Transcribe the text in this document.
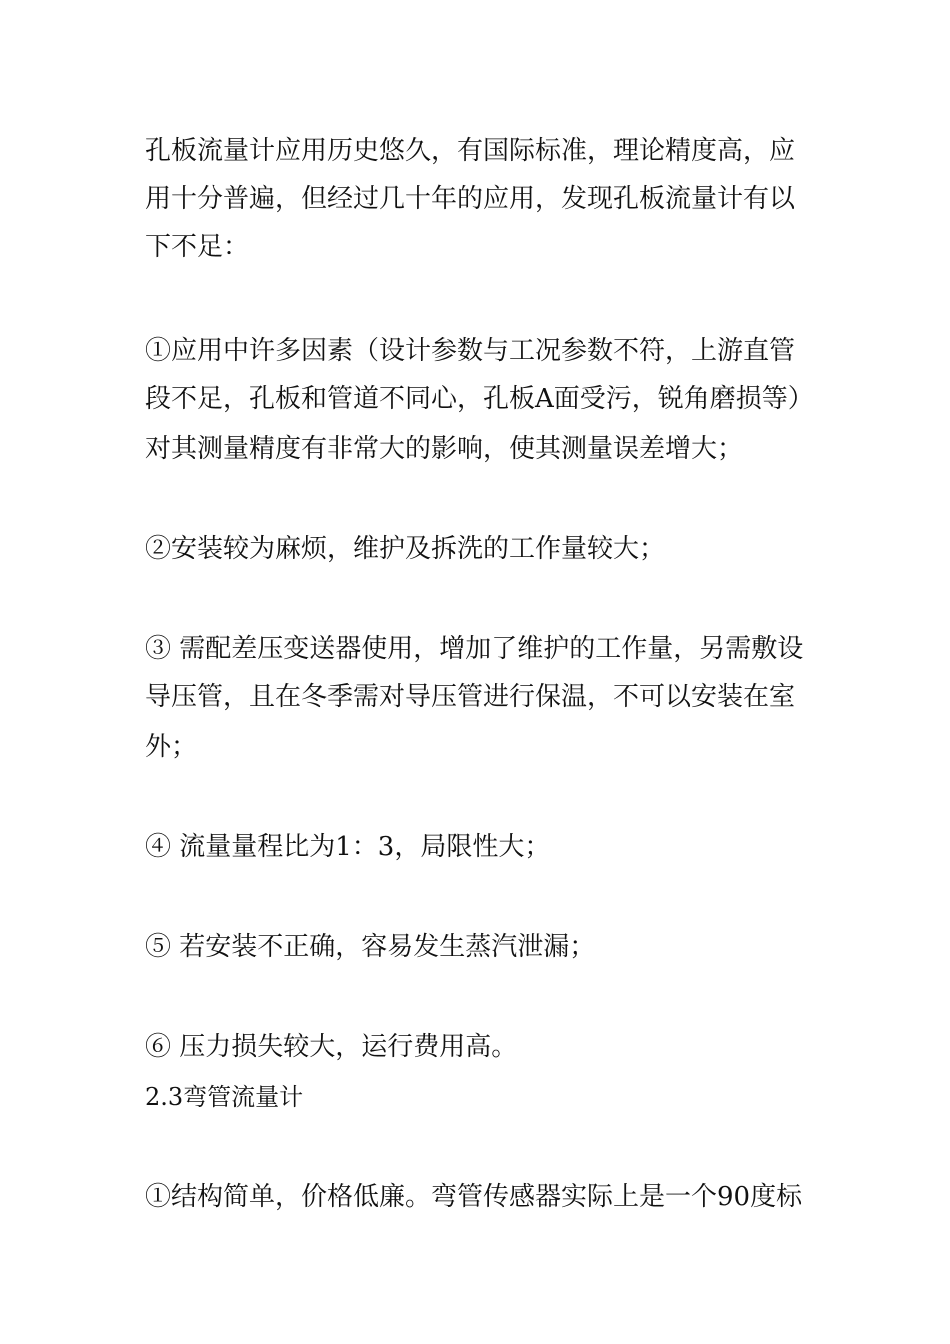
孔板流量计应用历史悠久，有国际标准，理论精度高，应
用十分普遍，但经过几十年的应用，发现孔板流量计有以
下不足：
①应用中许多因素（设计参数与工况参数不符，上游直管
段不足，孔板和管道不同心，孔板A面受污，锐角磨损等）
对其测量精度有非常大的影响，使其测量误差增大；
②安装较为麻烦，维护及拆洗的工作量较大；
③ 需配差压变送器使用，增加了维护的工作量，另需敷设
导压管，且在冬季需对导压管进行保温，不可以安装在室
外；
④ 流量量程比为1：3，局限性大；
⑤ 若安装不正确，容易发生蒸汽泄漏；
⑥ 压力损失较大，运行费用高。
2.3弯管流量计
①结构简单，价格低廉。弯管传感器实际上是一个90度标
